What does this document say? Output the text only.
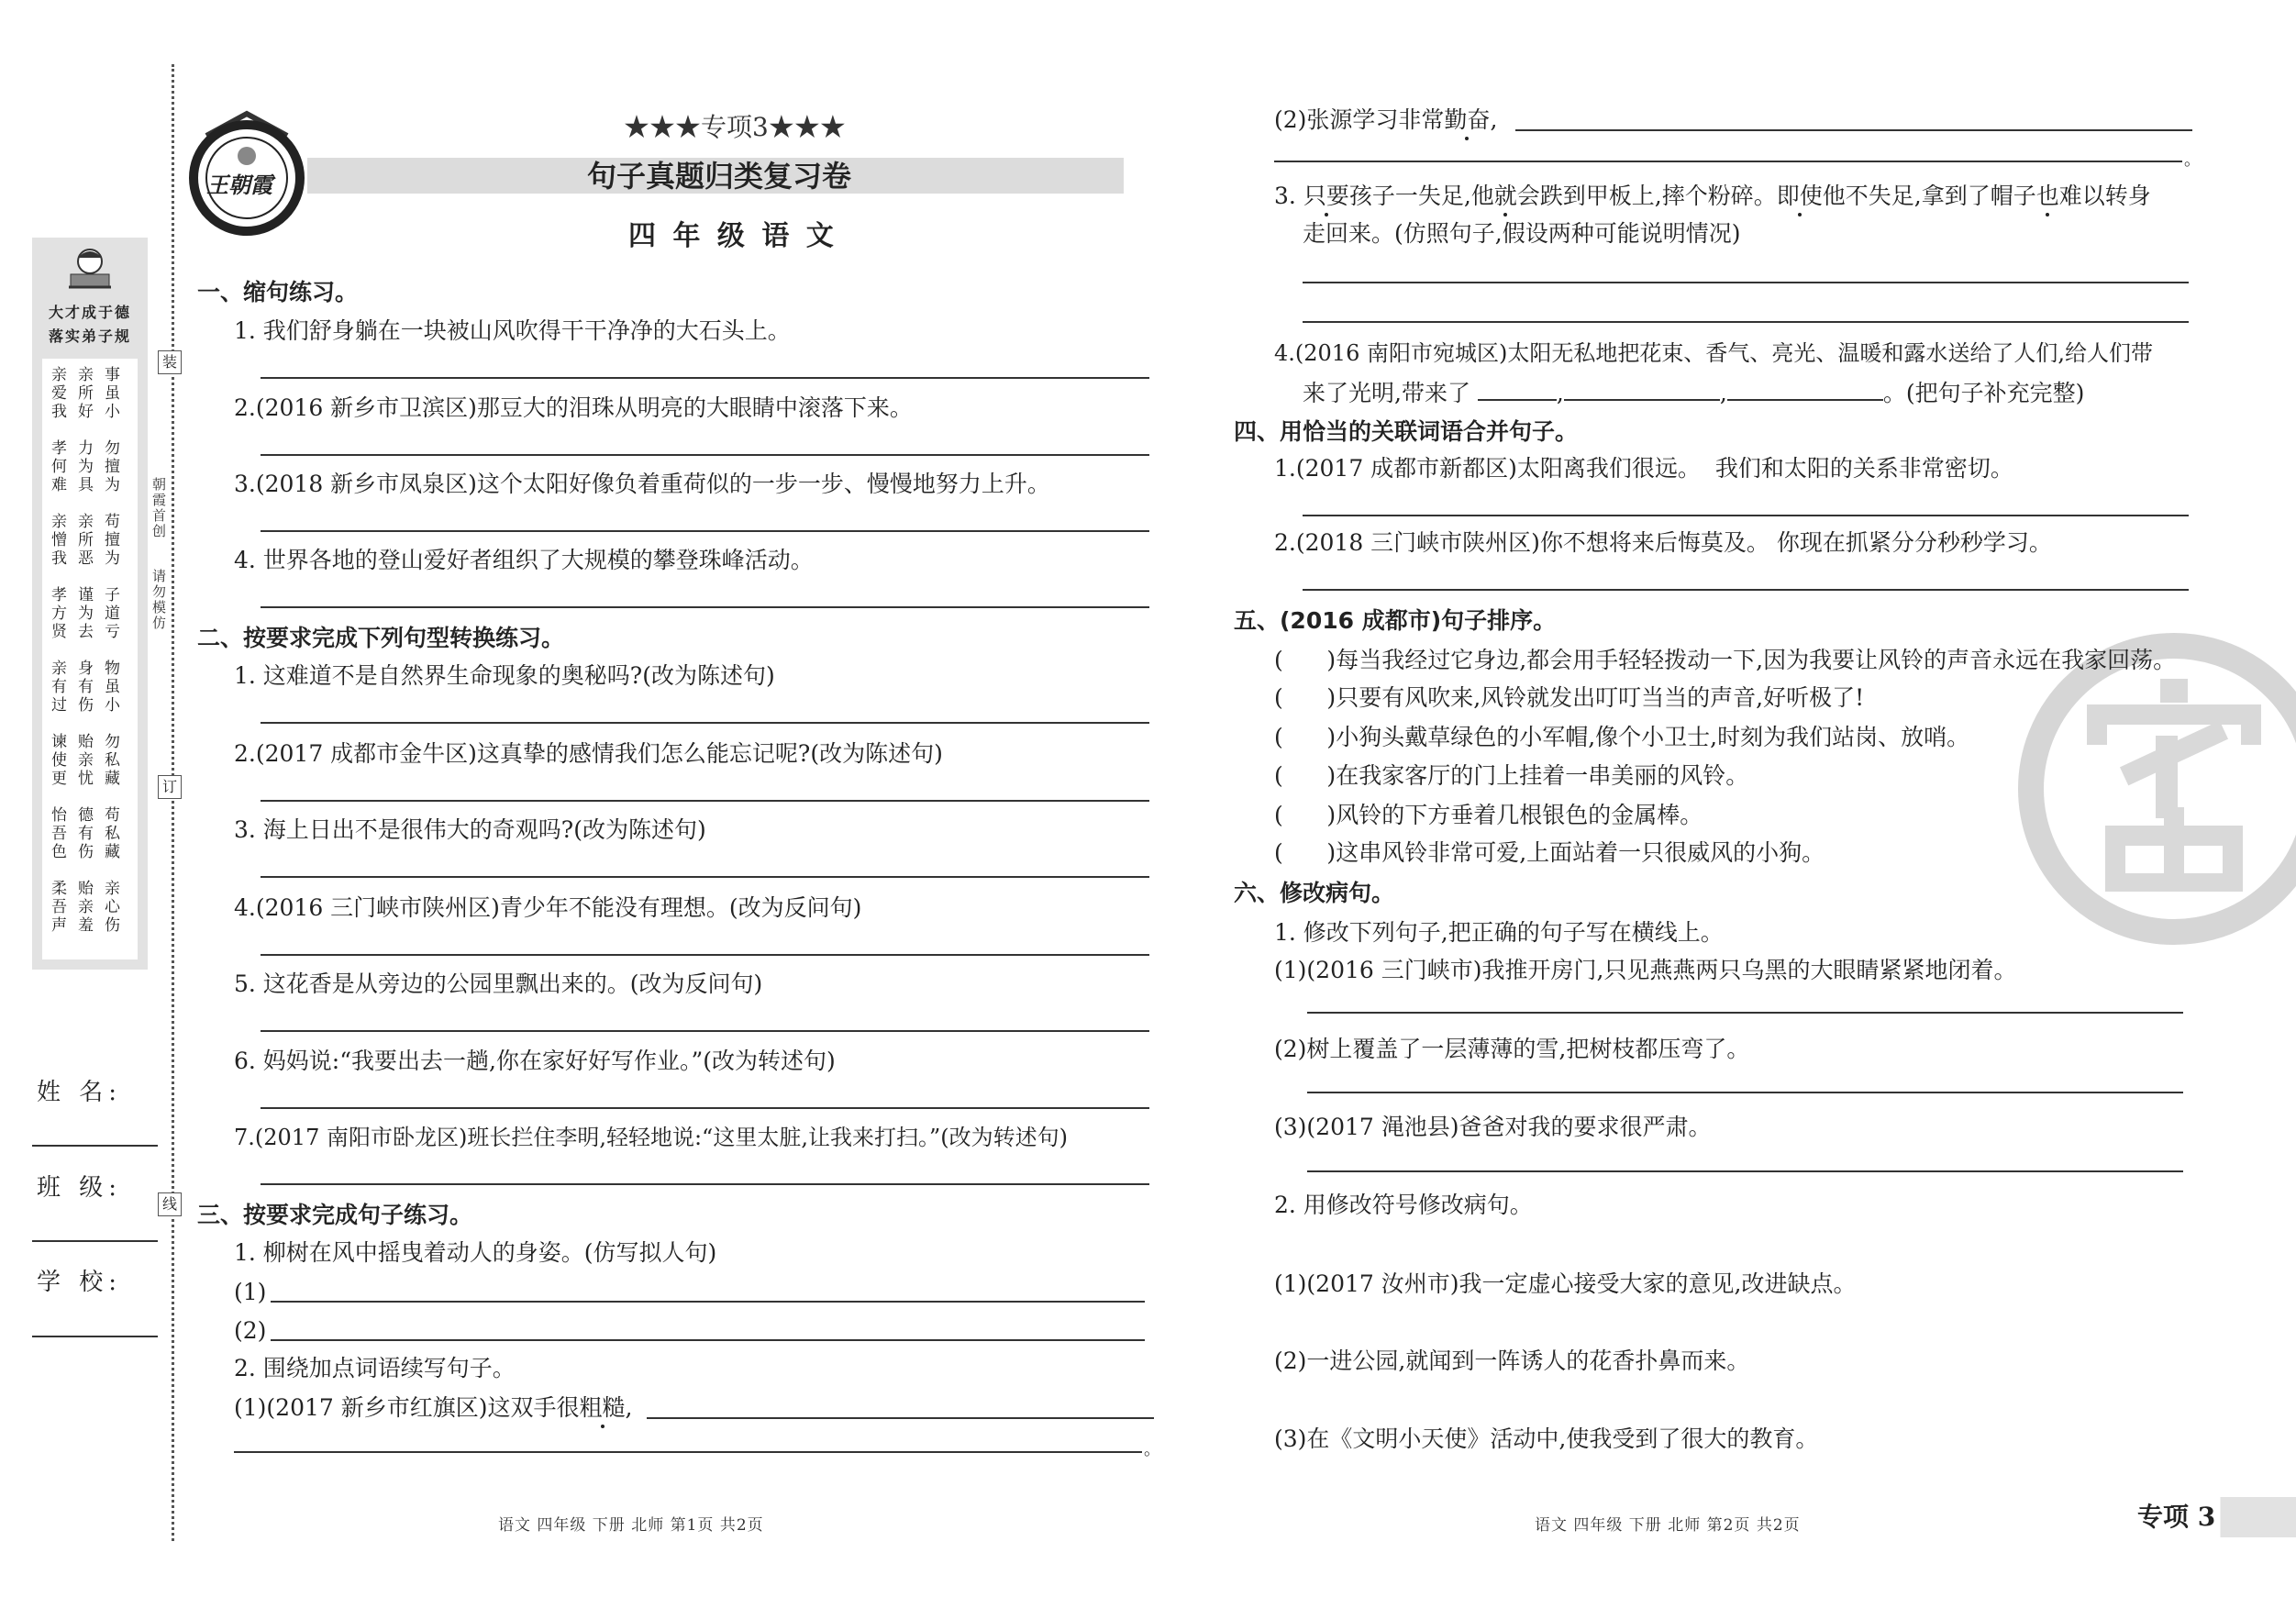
装
订
线
朝霞首创
请勿模仿
大才成于德
落实弟子规
亲亲事
爱所虽
我好小
孝力勿
何为擅
难具为
亲亲苟
憎所擅
我恶为
孝谨子
方为道
贤去亏
亲身物
有有虽
过伤小
谏贻勿
使亲私
更忧藏
怡德苟
吾有私
色伤藏
柔贻亲
吾亲心
声羞伤
姓 名:
班 级:
学 校:
王朝霞
★★★专项3★★★
句子真题归类复习卷
四 年 级 语 文
一、缩句练习。
1. 我们舒身躺在一块被山风吹得干干净净的大石头上。
2.(2016 新乡市卫滨区)那豆大的泪珠从明亮的大眼睛中滚落下来。
3.(2018 新乡市凤泉区)这个太阳好像负着重荷似的一步一步、慢慢地努力上升。
4. 世界各地的登山爱好者组织了大规模的攀登珠峰活动。
二、按要求完成下列句型转换练习。
1. 这难道不是自然界生命现象的奥秘吗?(改为陈述句)
2.(2017 成都市金牛区)这真挚的感情我们怎么能忘记呢?(改为陈述句)
3. 海上日出不是很伟大的奇观吗?(改为陈述句)
4.(2016 三门峡市陕州区)青少年不能没有理想。(改为反问句)
5. 这花香是从旁边的公园里飘出来的。(改为反问句)
6. 妈妈说:“我要出去一趟,你在家好好写作业。”(改为转述句)
7.(2017 南阳市卧龙区)班长拦住李明,轻轻地说:“这里太脏,让我来打扫。”(改为转述句)
三、按要求完成句子练习。
1. 柳树在风中摇曳着动人的身姿。(仿写拟人句)
(1)
(2)
2. 围绕加点词语续写句子。
(1)(2017 新乡市红旗区)这双手很粗糙,
。
(2)张源学习非常勤奋,
。
3. 只要孩子一失足,他就会跌到甲板上,摔个粉碎。即使他不失足,拿到了帽子也难以转身
走回来。(仿照句子,假设两种可能说明情况)
4.(2016 南阳市宛城区)太阳无私地把花束、香气、亮光、温暖和露水送给了人们,给人们带
来了光明,带来了	,	,	。(把句子补充完整)
四、用恰当的关联词语合并句子。
1.(2017 成都市新都区)太阳离我们很远。  我们和太阳的关系非常密切。
2.(2018 三门峡市陕州区)你不想将来后悔莫及。 你现在抓紧分分秒秒学习。
五、(2016 成都市)句子排序。
(      )每当我经过它身边,都会用手轻轻拨动一下,因为我要让风铃的声音永远在我家回荡。
(      )只要有风吹来,风铃就发出叮叮当当的声音,好听极了!
(      )小狗头戴草绿色的小军帽,像个小卫士,时刻为我们站岗、放哨。
(      )在我家客厅的门上挂着一串美丽的风铃。
(      )风铃的下方垂着几根银色的金属棒。
(      )这串风铃非常可爱,上面站着一只很威风的小狗。
六、修改病句。
1. 修改下列句子,把正确的句子写在横线上。
(1)(2016 三门峡市)我推开房门,只见燕燕两只乌黑的大眼睛紧紧地闭着。
(2)树上覆盖了一层薄薄的雪,把树枝都压弯了。
(3)(2017 渑池县)爸爸对我的要求很严肃。
2. 用修改符号修改病句。
(1)(2017 汝州市)我一定虚心接受大家的意见,改进缺点。
(2)一进公园,就闻到一阵诱人的花香扑鼻而来。
(3)在《文明小天使》活动中,使我受到了很大的教育。
语文 四年级 下册 北师 第1页 共2页	语文 四年级 下册 北师 第2页 共2页	专项 3
